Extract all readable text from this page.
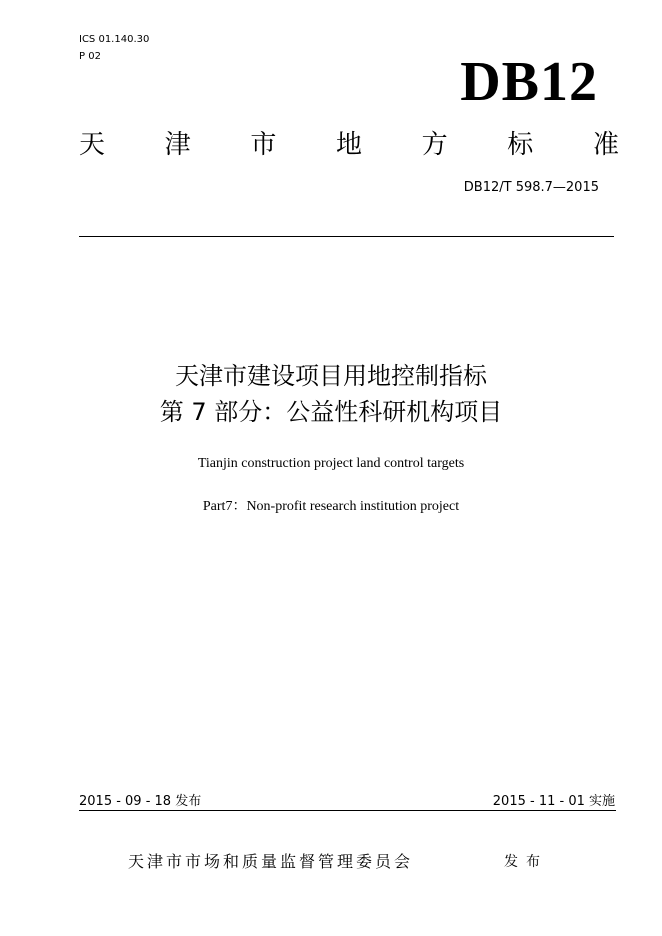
ICS 01.140.30
P 02	DB12
天 津 市 地 方 标 准
DB12/T 598.7—2015
天津市建设项目用地控制指标
第 7 部分：公益性科研机构项目
Tianjin construction project land control targets
Part7：Non-profit research institution project
2015 - 09 - 18 发布	2015 - 11 - 01 实施
天津市市场和质量监督管理委员会	发布
